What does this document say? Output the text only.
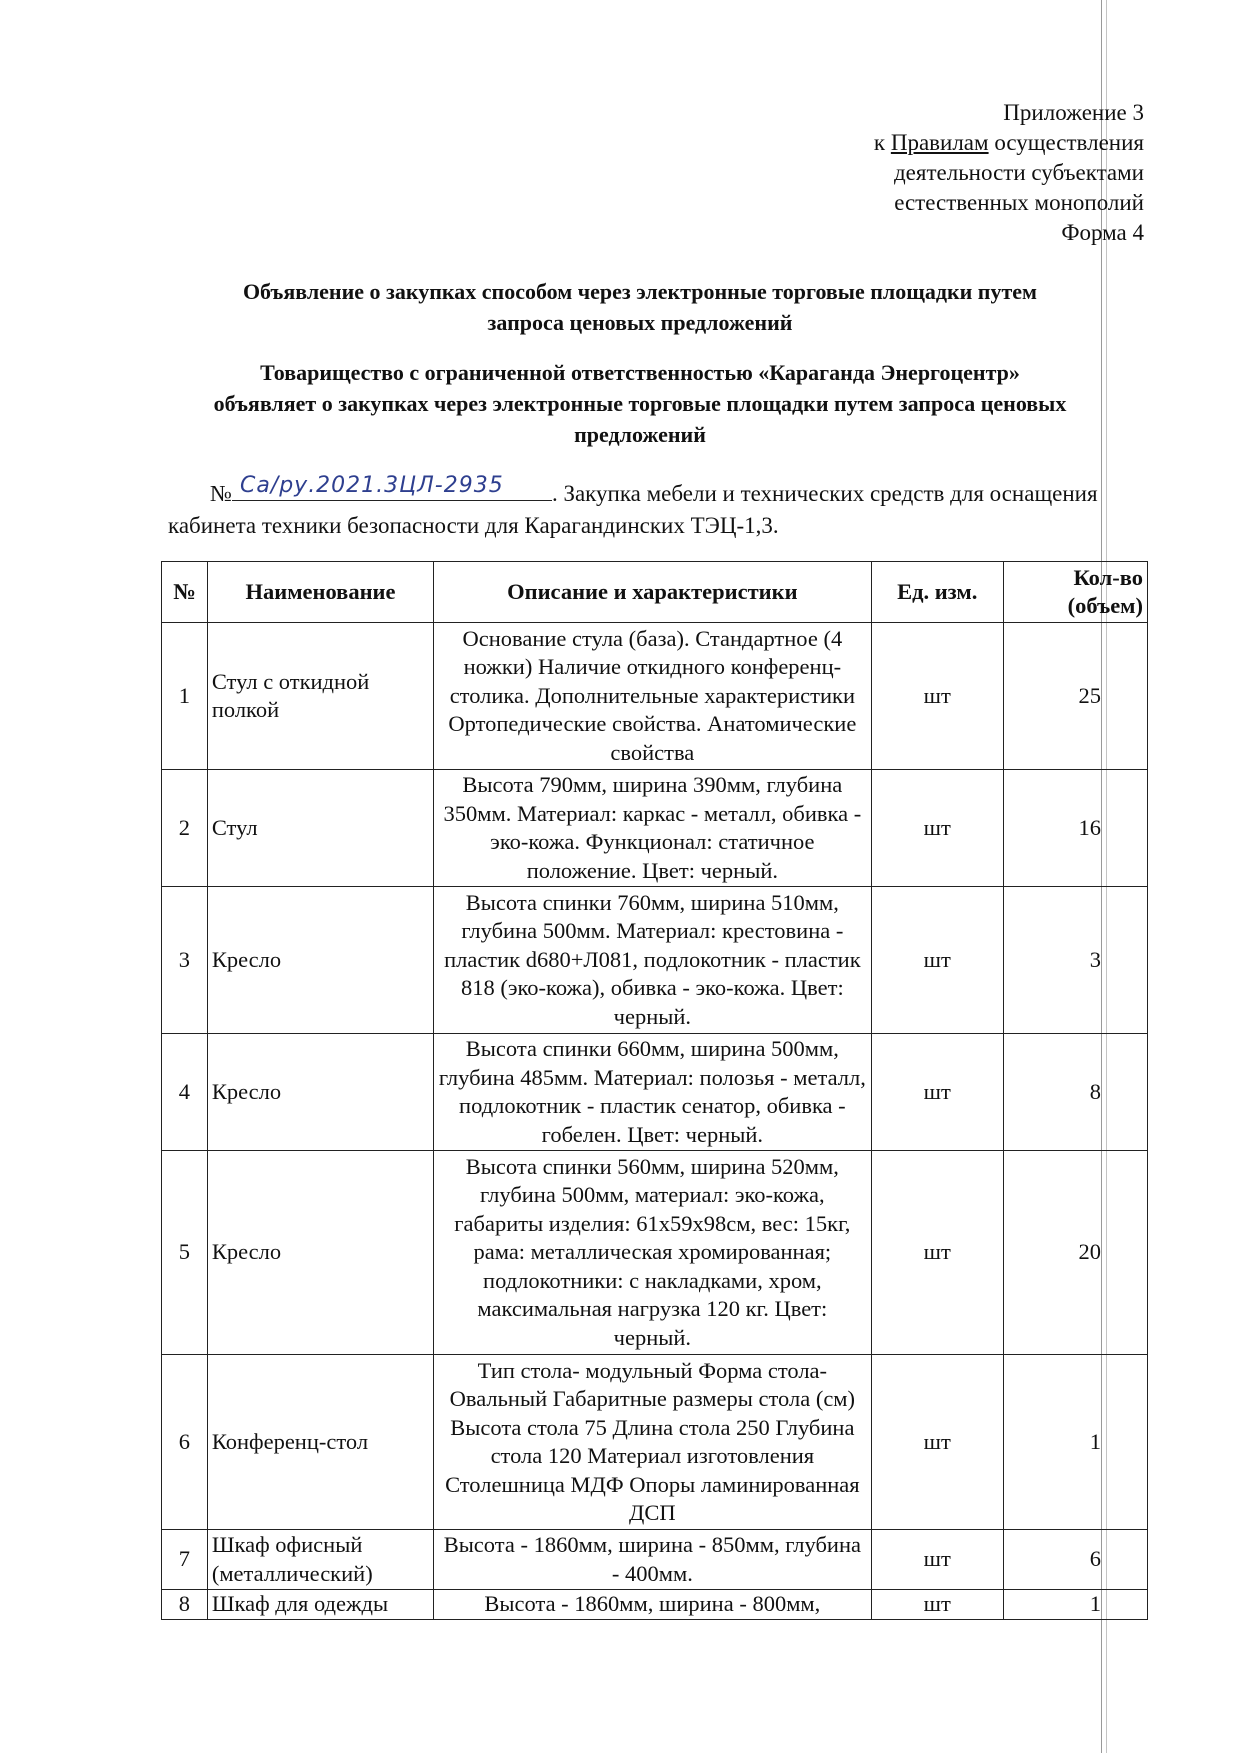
Приложение 3
к Правилам осуществления
деятельности субъектами
естественных монополий
Форма 4
Объявление о закупках способом через электронные торговые площадки путем
запроса ценовых предложений
Товарищество с ограниченной ответственностью «Караганда Энергоцентр»
объявляет о закупках через электронные торговые площадки путем запроса ценовых
предложений
№ Са/ру.2021.3ЦЛ-2935 . Закупка мебели и технических средств для оснащения
кабинета техники безопасности для Карагандинских ТЭЦ-1,3.
№	Наименование	Описание и характеристики	Ед. изм.	Кол-во (объем)
1	Стул с откидной полкой	Основание стула (база). Стандартное (4 ножки) Наличие откидного конференц-столика. Дополнительные характеристики Ортопедические свойства. Анатомические свойства	шт	25
2	Стул	Высота 790мм, ширина 390мм, глубина 350мм. Материал: каркас - металл, обивка - эко-кожа. Функционал: статичное положение. Цвет: черный.	шт	16
3	Кресло	Высота спинки 760мм, ширина 510мм, глубина 500мм. Материал: крестовина - пластик d680+Л081, подлокотник - пластик 818 (эко-кожа), обивка - эко-кожа. Цвет: черный.	шт	3
4	Кресло	Высота спинки 660мм, ширина 500мм, глубина 485мм. Материал: полозья - металл, подлокотник - пластик сенатор, обивка - гобелен. Цвет: черный.	шт	8
5	Кресло	Высота спинки 560мм, ширина 520мм, глубина 500мм, материал: эко-кожа, габариты изделия: 61x59x98см, вес: 15кг, рама: металлическая хромированная; подлокотники: с накладками, хром, максимальная нагрузка 120 кг. Цвет: черный.	шт	20
6	Конференц-стол	Тип стола- модульный Форма стола- Овальный Габаритные размеры стола (см) Высота стола 75 Длина стола 250 Глубина стола 120 Материал изготовления Столешница МДФ Опоры ламинированная ДСП	шт	1
7	Шкаф офисный (металлический)	Высота - 1860мм, ширина - 850мм, глубина - 400мм.	шт	6
8	Шкаф для одежды	Высота - 1860мм, ширина - 800мм,	шт	1
